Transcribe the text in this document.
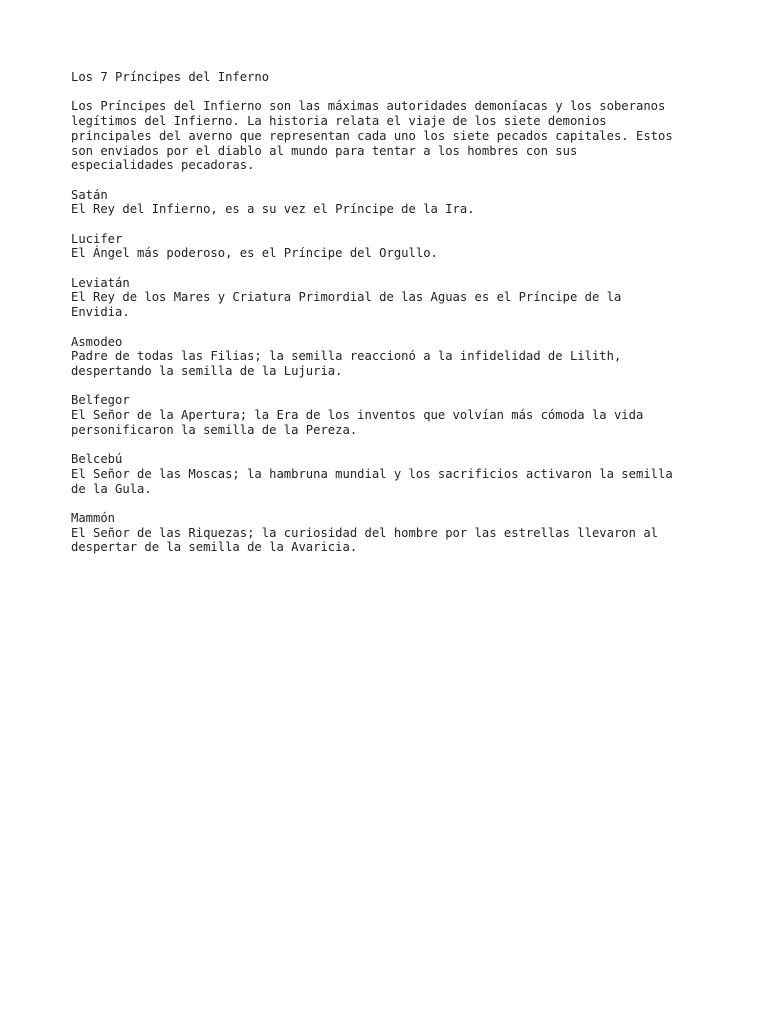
Los 7 Príncipes del Inferno

Los Príncipes del Infierno son las máximas autoridades demoníacas y los soberanos

legítimos del Infierno. La historia relata el viaje de los siete demonios

principales del averno que representan cada uno los siete pecados capitales. Estos

son enviados por el diablo al mundo para tentar a los hombres con sus

especialidades pecadoras.

Satán

El Rey del Infierno, es a su vez el Príncipe de la Ira.

Lucifer

El Ángel más poderoso, es el Príncipe del Orgullo.

Leviatán

El Rey de los Mares y Criatura Primordial de las Aguas es el Príncipe de la

Envidia.

Asmodeo

Padre de todas las Filias; la semilla reaccionó a la infidelidad de Lilith,

despertando la semilla de la Lujuria.

Belfegor

El Señor de la Apertura; la Era de los inventos que volvían más cómoda la vida

personificaron la semilla de la Pereza.

Belcebú

El Señor de las Moscas; la hambruna mundial y los sacrificios activaron la semilla

de la Gula.

Mammón

El Señor de las Riquezas; la curiosidad del hombre por las estrellas llevaron al

despertar de la semilla de la Avaricia.
